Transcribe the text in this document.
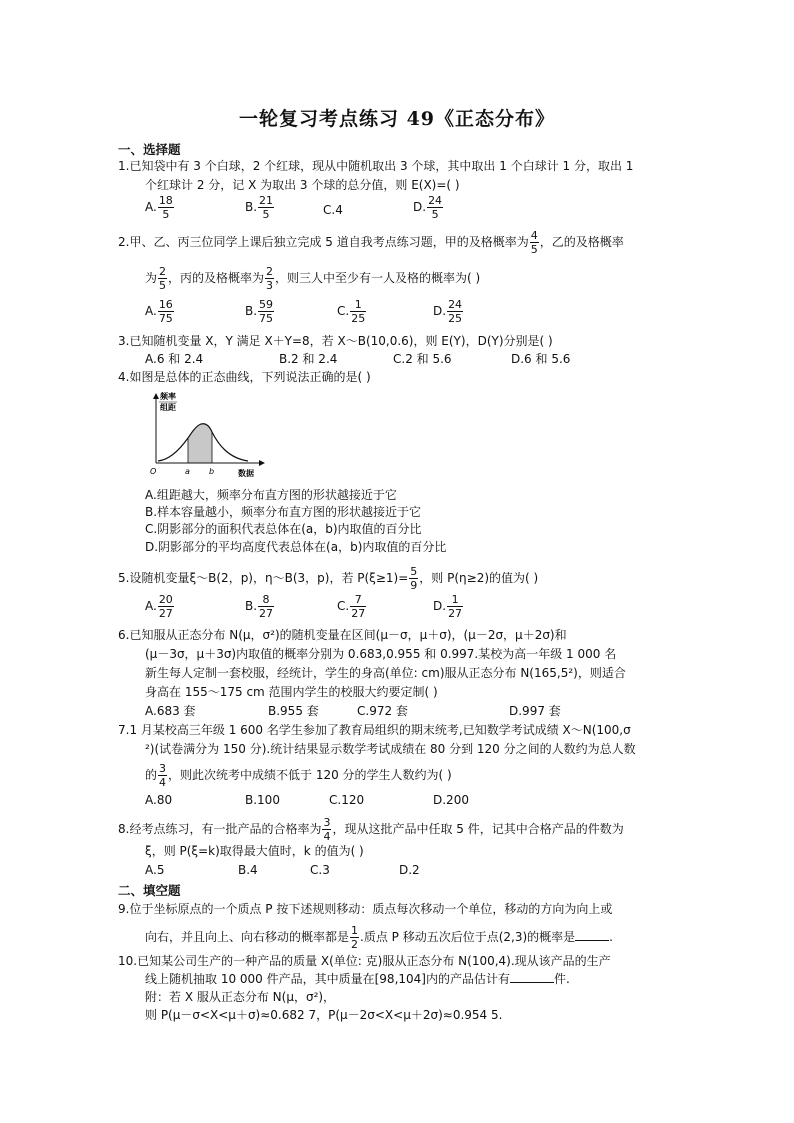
一轮复习考点练习 49《正态分布》
一、选择题
1.已知袋中有 3 个白球，2 个红球，现从中随机取出 3 个球，其中取出 1 个白球计 1 分，取出 1
个红球计 2 分，记 X 为取出 3 个球的总分值，则 E(X)=( )
A. $\frac{18}{5}$	B. $\frac{21}{5}$	C.4	D. $\frac{24}{5}$
2.甲、乙、丙三位同学上课后独立完成 5 道自我考点练习题，甲的及格概率为 $\frac{4}{5}$ ，乙的及格概率
为 $\frac{2}{5}$ ，丙的及格概率为 $\frac{2}{3}$ ，则三人中至少有一人及格的概率为( )
A. $\frac{16}{75}$	B. $\frac{59}{75}$	C. $\frac{1}{25}$	D. $\frac{24}{25}$
3.已知随机变量 X，Y 满足 X＋Y=8，若 X～B(10,0.6)，则 E(Y)，D(Y)分别是( )
A.6 和 2.4	B.2 和 2.4	C.2 和 5.6	D.6 和 5.6
4.如图是总体的正态曲线，下列说法正确的是( )
频率
组距
O	a b	数据
A.组距越大，频率分布直方图的形状越接近于它
B.样本容量越小，频率分布直方图的形状越接近于它
C.阴影部分的面积代表总体在(a，b)内取值的百分比
D.阴影部分的平均高度代表总体在(a，b)内取值的百分比
5.设随机变量ξ～B(2，p)，η～B(3，p)，若 $P(\xi\ge 1)= \frac{5}{9}$ ，则 P(η≥2)的值为( )
A. $\frac{20}{27}$	B. $\frac{8}{27}$	C. $\frac{7}{27}$	D. $\frac{1}{27}$
6.已知服从正态分布 N(μ，σ²)的随机变量在区间(μ－σ，μ＋σ)，(μ－2σ，μ＋2σ)和
(μ－3σ，μ＋3σ)内取值的概率分别为 0.683,0.955 和 0.997.某校为高一年级 1 000 名
新生每人定制一套校服，经统计，学生的身高(单位: cm)服从正态分布 N(165,5²)，则适合
身高在 155～175 cm 范围内学生的校服大约要定制( )
A.683 套	B.955 套	C.972 套	D.997 套
7.1 月某校高三年级 1 600 名学生参加了教育局组织的期末统考,已知数学考试成绩 X～N(100,σ
²)(试卷满分为 150 分).统计结果显示数学考试成绩在 80 分到 120 分之间的人数约为总人数
的 $\frac{3}{4}$ ，则此次统考中成绩不低于 120 分的学生人数约为( )
A.80	B.100	C.120	D.200
8.经考点练习，有一批产品的合格率为 $\frac{3}{4}$ ，现从这批产品中任取 5 件，记其中合格产品的件数为
ξ，则 P(ξ=k)取得最大值时，k 的值为( )
A.5	B.4	C.3	D.2
二、填空题
9.位于坐标原点的一个质点 P 按下述规则移动：质点每次移动一个单位，移动的方向为向上或
向右，并且向上、向右移动的概率都是 $\frac{1}{2}$ .质点 P 移动五次后位于点(2,3)的概率是	.
10.已知某公司生产的一种产品的质量 X(单位: 克)服从正态分布 N(100,4).现从该产品的生产
线上随机抽取 10 000 件产品，其中质量在[98,104]内的产品估计有	件.
附：若 X 服从正态分布 N(μ，σ²)，
则 P(μ－σ<X<μ＋σ)≈0.682 7，P(μ－2σ<X<μ＋2σ)≈0.954 5.
